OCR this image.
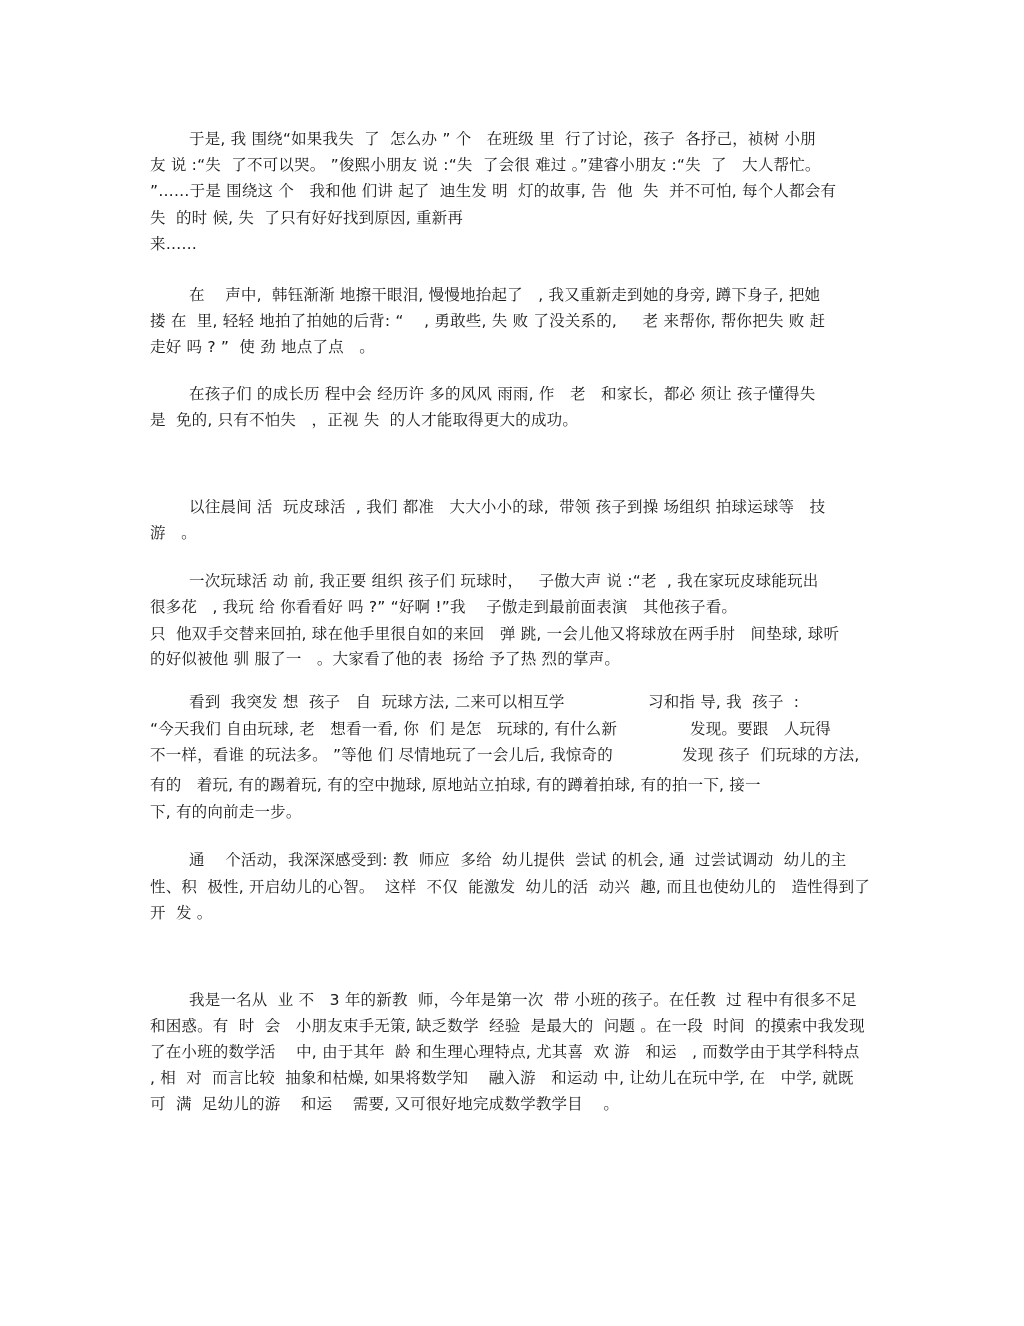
于是, 我 围绕“如果我失  了  怎么办 ” 个   在班级 里  行了讨论，孩子  各抒己，祯树 小朋
友 说 :“失  了不可以哭。 ”俊熙小朋友 说 :“失  了会很 难过 。”建睿小朋友 :“失  了   大人帮忙。
”……于是 围绕这 个   我和他 们讲 起了  迪生发 明  灯的故事, 告  他  失  并不可怕, 每个人都会有
失  的时 候, 失  了只有好好找到原因, 重新再
来……
在    声中,  韩钰渐渐 地擦干眼泪, 慢慢地抬起了   , 我又重新走到她的身旁, 蹲下身子, 把她
搂 在  里, 轻轻 地拍了拍她的后背: “    , 勇敢些, 失 败 了没关系的,     老 来帮你, 帮你把失 败 赶
走好 吗 ? ”  使 劲 地点了点   。
在孩子们 的成长历 程中会 经历许 多的风风 雨雨, 作   老   和家长，都必 须让 孩子懂得失
是  免的, 只有不怕失   ，正视 失  的人才能取得更大的成功。
以往晨间 活  玩皮球活  , 我们 都准   大大小小的球,  带领 孩子到操 场组织 拍球运球等   技
游   。
一次玩球活 动 前, 我正要 组织 孩子们 玩球时，   子傲大声 说 :“老  , 我在家玩皮球能玩出
很多花   , 我玩 给 你看看好 吗 ?” “好啊 !”我    子傲走到最前面表演   其他孩子看。
只  他双手交替来回拍, 球在他手里很自如的来回   弹 跳, 一会儿他又将球放在两手肘   间垫球, 球听
的好似被他 驯 服了一   。大家看了他的表  扬给 予了热 烈的掌声。
看到  我突发 想  孩子   自  玩球方法, 二来可以相互学	习和指 导, 我  孩子  :
“今天我们 自由玩球, 老   想看一看, 你  们 是怎   玩球的, 有什么新	发现。要跟   人玩得
不一样，看谁 的玩法多。 ”等他 们 尽情地玩了一会儿后, 我惊奇的	发现 孩子  们玩球的方法,
有的   着玩, 有的踢着玩, 有的空中抛球, 原地站立拍球, 有的蹲着拍球, 有的拍一下, 接一
下, 有的向前走一步。
通    个活动，我深深感受到: 教  师应  多给  幼儿提供  尝试 的机会, 通  过尝试调动  幼儿的主
性、积  极性, 开启幼儿的心智。  这样  不仅  能激发  幼儿的活  动兴  趣, 而且也使幼儿的   造性得到了
开  发 。
我是一名从  业 不   3 年的新教  师，今年是第一次  带 小班的孩子。在任教  过 程中有很多不足
和困惑。有  时  会   小朋友束手无策, 缺乏数学  经验  是最大的  问题 。在一段  时间  的摸索中我发现
了在小班的数学活    中, 由于其年  龄 和生理心理特点, 尤其喜  欢 游   和运   , 而数学由于其学科特点
, 相  对  而言比较  抽象和枯燥, 如果将数学知    融入游   和运动 中, 让幼儿在玩中学, 在   中学, 就既
可  满  足幼儿的游    和运    需要, 又可很好地完成数学教学目    。
